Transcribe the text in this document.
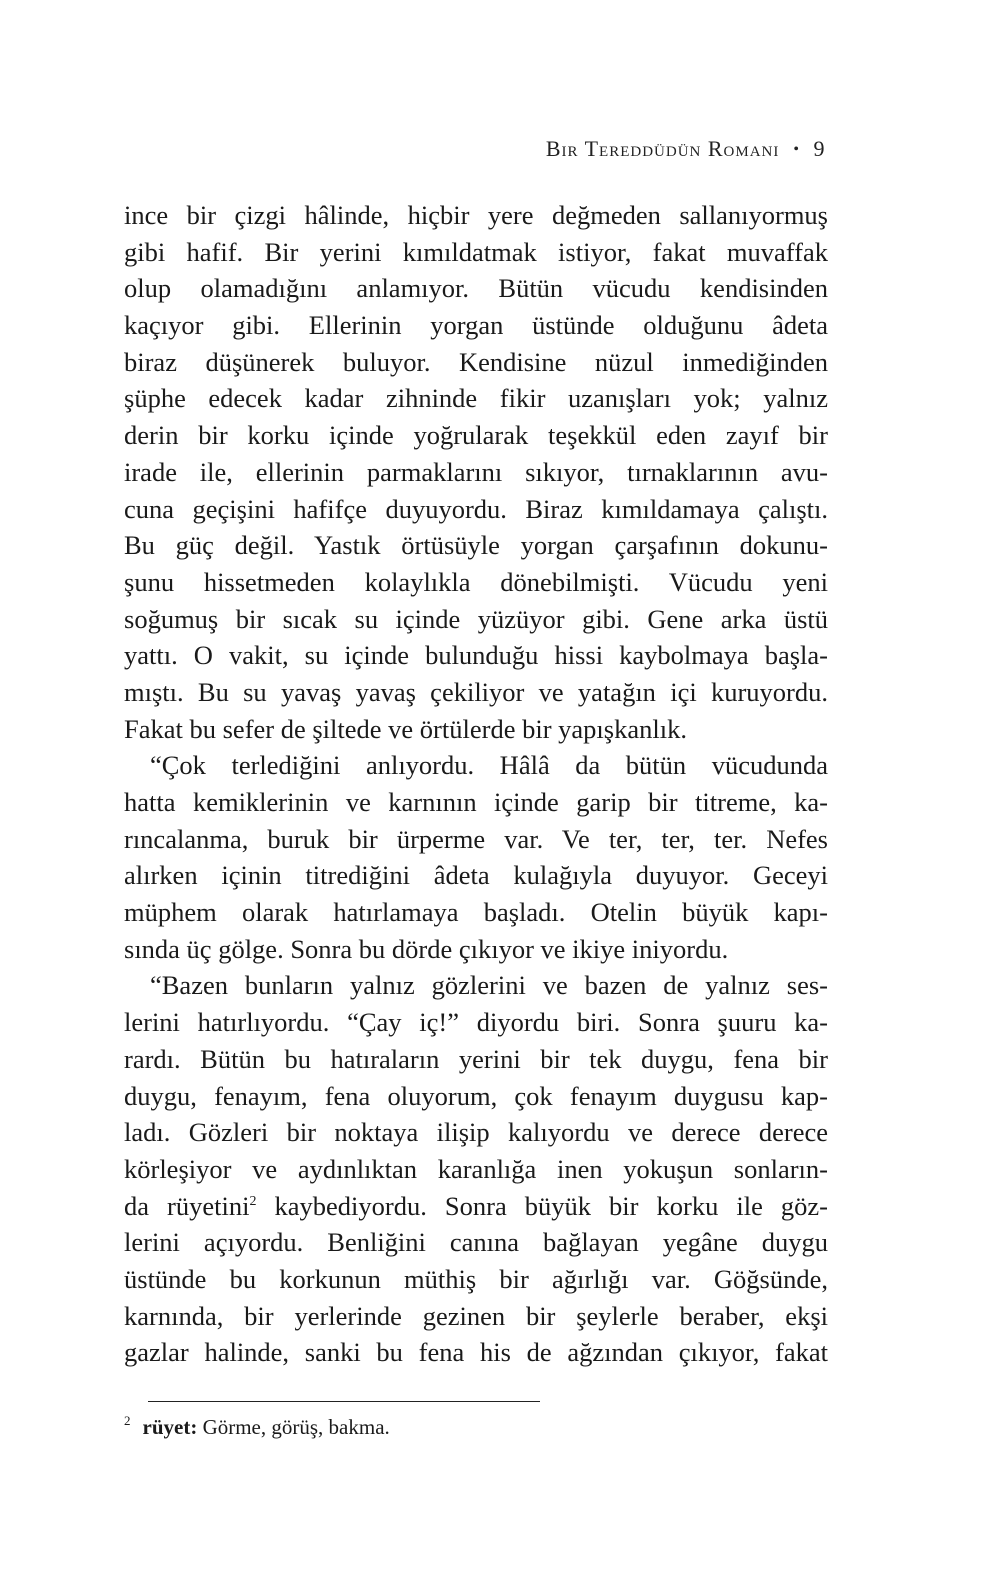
Bir Tereddüdün Romanı • 9
ince bir çizgi hâlinde, hiçbir yere değmeden sallanıyormuş
gibi hafif. Bir yerini kımıldatmak istiyor, fakat muvaffak
olup olamadığını anlamıyor. Bütün vücudu kendisinden
kaçıyor gibi. Ellerinin yorgan üstünde olduğunu âdeta
biraz düşünerek buluyor. Kendisine nüzul inmediğinden
şüphe edecek kadar zihninde fikir uzanışları yok; yalnız
derin bir korku içinde yoğrularak teşekkül eden zayıf bir
irade ile, ellerinin parmaklarını sıkıyor, tırnaklarının avu-
cuna geçişini hafifçe duyuyordu. Biraz kımıldamaya çalıştı.
Bu güç değil. Yastık örtüsüyle yorgan çarşafının dokunu-
şunu hissetmeden kolaylıkla dönebilmişti. Vücudu yeni
soğumuş bir sıcak su içinde yüzüyor gibi. Gene arka üstü
yattı. O vakit, su içinde bulunduğu hissi kaybolmaya başla-
mıştı. Bu su yavaş yavaş çekiliyor ve yatağın içi kuruyordu.
Fakat bu sefer de şiltede ve örtülerde bir yapışkanlık.
“Çok terlediğini anlıyordu. Hâlâ da bütün vücudunda
hatta kemiklerinin ve karnının içinde garip bir titreme, ka-
rıncalanma, buruk bir ürperme var. Ve ter, ter, ter. Nefes
alırken içinin titrediğini âdeta kulağıyla duyuyor. Geceyi
müphem olarak hatırlamaya başladı. Otelin büyük kapı-
sında üç gölge. Sonra bu dörde çıkıyor ve ikiye iniyordu.
“Bazen bunların yalnız gözlerini ve bazen de yalnız ses-
lerini hatırlıyordu. “Çay iç!” diyordu biri. Sonra şuuru ka-
rardı. Bütün bu hatıraların yerini bir tek duygu, fena bir
duygu, fenayım, fena oluyorum, çok fenayım duygusu kap-
ladı. Gözleri bir noktaya ilişip kalıyordu ve derece derece
körleşiyor ve aydınlıktan karanlığa inen yokuşun sonların-
da rüyetini$^2$ kaybediyordu. Sonra büyük bir korku ile göz-
lerini açıyordu. Benliğini canına bağlayan yegâne duygu
üstünde bu korkunun müthiş bir ağırlığı var. Göğsünde,
karnında, bir yerlerinde gezinen bir şeylerle beraber, ekşi
gazlar halinde, sanki bu fena his de ağzından çıkıyor, fakat
$^2$ rüyet: Görme, görüş, bakma.
